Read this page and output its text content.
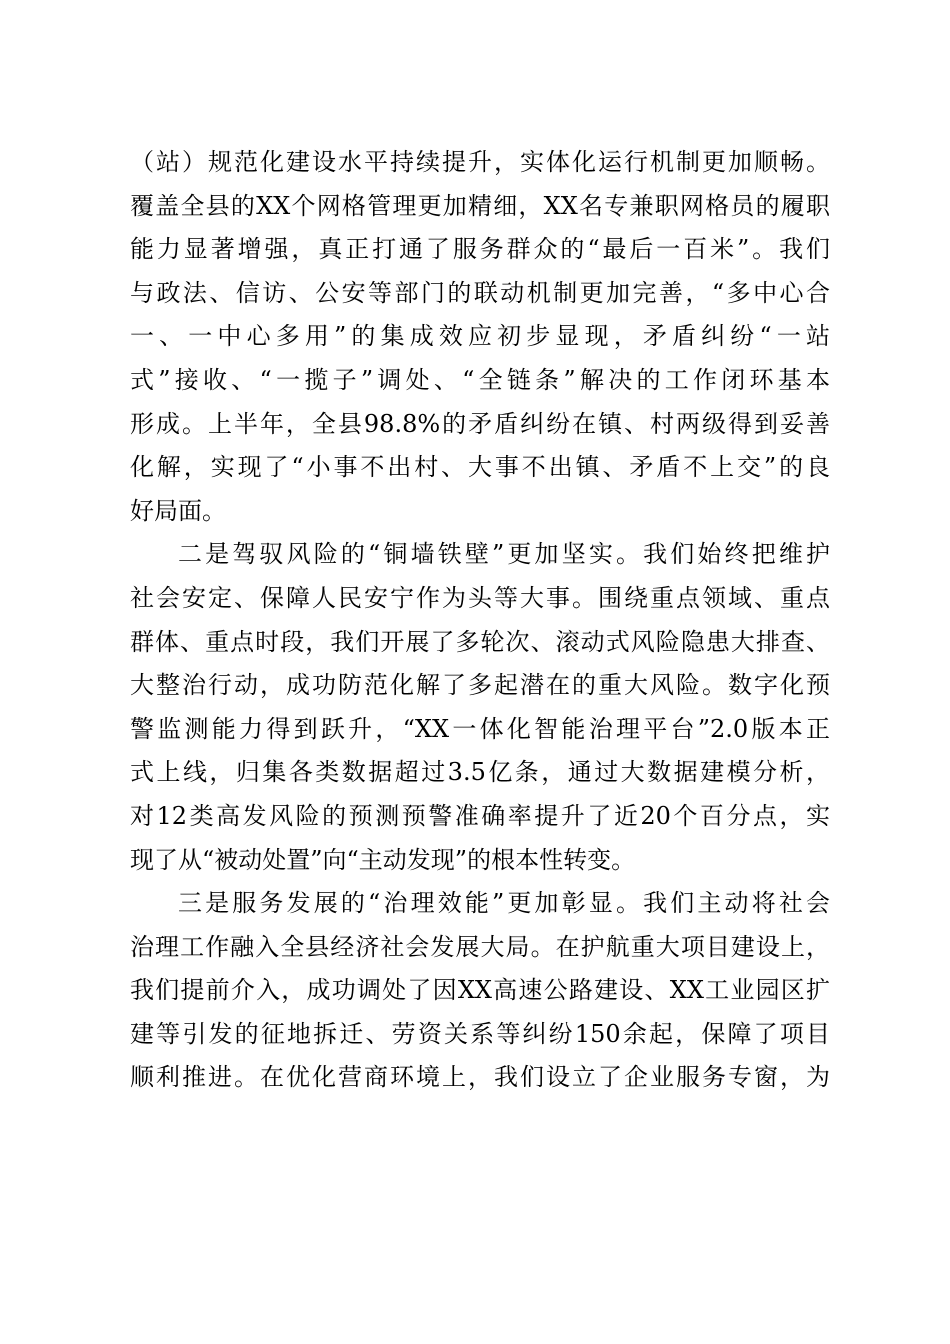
（站）规范化建设水平持续提升，实体化运行机制更加顺畅。
覆盖全县的XX个网格管理更加精细，XX名专兼职网格员的履职
能力显著增强，真正打通了服务群众的“最后一百米”。我们
与政法、信访、公安等部门的联动机制更加完善，“多中心合
一、一中心多用”的集成效应初步显现，矛盾纠纷“一站
式”接收、“一揽子”调处、“全链条”解决的工作闭环基本
形成。上半年，全县98.8%的矛盾纠纷在镇、村两级得到妥善
化解，实现了“小事不出村、大事不出镇、矛盾不上交”的良
好局面。
二是驾驭风险的“铜墙铁壁”更加坚实。我们始终把维护
社会安定、保障人民安宁作为头等大事。围绕重点领域、重点
群体、重点时段，我们开展了多轮次、滚动式风险隐患大排查、
大整治行动，成功防范化解了多起潜在的重大风险。数字化预
警监测能力得到跃升，“XX一体化智能治理平台”2.0版本正
式上线，归集各类数据超过3.5亿条，通过大数据建模分析，
对12类高发风险的预测预警准确率提升了近20个百分点，实
现了从“被动处置”向“主动发现”的根本性转变。
三是服务发展的“治理效能”更加彰显。我们主动将社会
治理工作融入全县经济社会发展大局。在护航重大项目建设上，
我们提前介入，成功调处了因XX高速公路建设、XX工业园区扩
建等引发的征地拆迁、劳资关系等纠纷150余起，保障了项目
顺利推进。在优化营商环境上，我们设立了企业服务专窗，为
